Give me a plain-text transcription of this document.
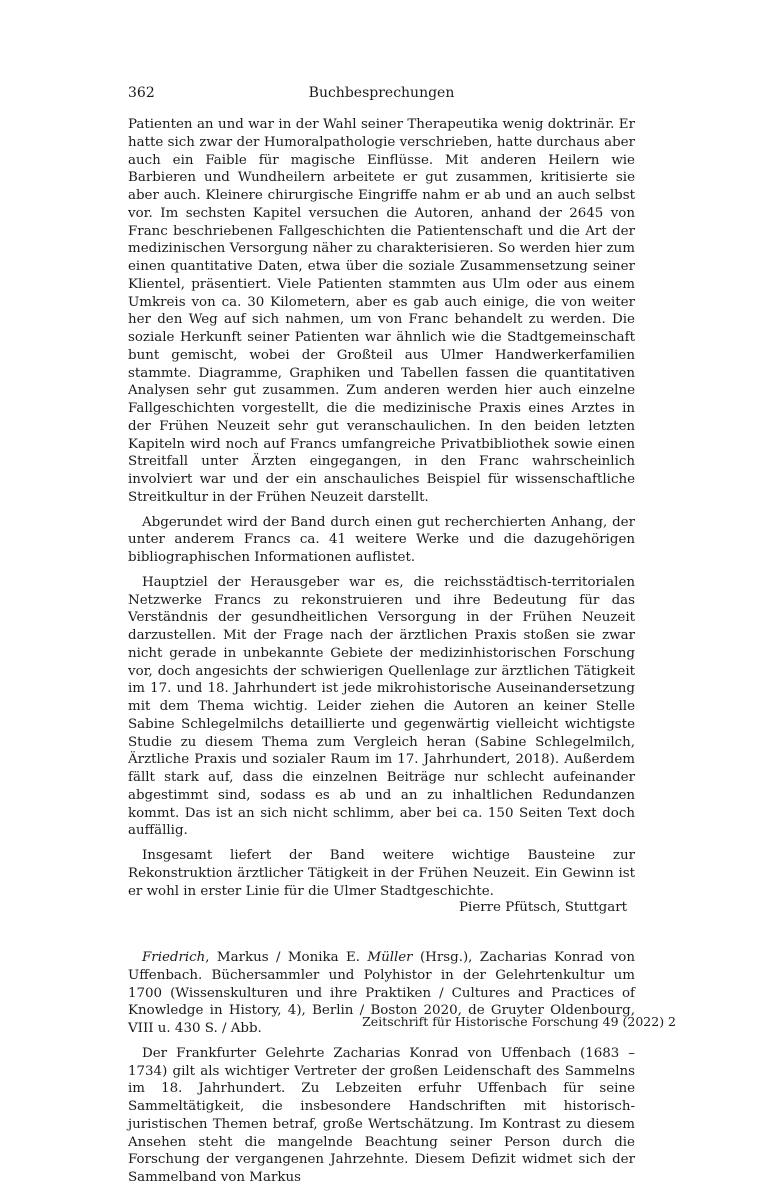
362	Buchbesprechungen

Patienten an und war in der Wahl seiner Therapeutika wenig doktrinär. Er hatte sich zwar der Humoralpathologie verschrieben, hatte durchaus aber auch ein Faible für magische Einflüsse. Mit anderen Heilern wie Barbieren und Wundheilern arbeitete er gut zusammen, kritisierte sie aber auch. Kleinere chirurgische Eingriffe nahm er ab und an auch selbst vor. Im sechsten Kapitel versuchen die Autoren, anhand der 2645 von Franc beschriebenen Fallgeschichten die Patientenschaft und die Art der medizinischen Versorgung näher zu charakterisieren. So werden hier zum einen quantitative Daten, etwa über die soziale Zusammensetzung seiner Klientel, präsentiert. Viele Patienten stammten aus Ulm oder aus einem Umkreis von ca. 30 Kilometern, aber es gab auch einige, die von weiter her den Weg auf sich nahmen, um von Franc behandelt zu werden. Die soziale Herkunft seiner Patienten war ähnlich wie die Stadtgemeinschaft bunt gemischt, wobei der Großteil aus Ulmer Handwerkerfamilien stammte. Diagramme, Graphiken und Tabellen fassen die quantitativen Analysen sehr gut zusammen. Zum anderen werden hier auch einzelne Fallgeschichten vorgestellt, die die medizinische Praxis eines Arztes in der Frühen Neuzeit sehr gut veranschaulichen. In den beiden letzten Kapiteln wird noch auf Francs umfangreiche Privatbibliothek sowie einen Streitfall unter Ärzten eingegangen, in den Franc wahrscheinlich involviert war und der ein anschauliches Beispiel für wissenschaftliche Streitkultur in der Frühen Neuzeit darstellt.

Abgerundet wird der Band durch einen gut recherchierten Anhang, der unter anderem Francs ca. 41 weitere Werke und die dazugehörigen bibliographischen Informationen auflistet.

Hauptziel der Herausgeber war es, die reichsstädtisch-territorialen Netzwerke Francs zu rekonstruieren und ihre Bedeutung für das Verständnis der gesundheitlichen Versorgung in der Frühen Neuzeit darzustellen. Mit der Frage nach der ärztlichen Praxis stoßen sie zwar nicht gerade in unbekannte Gebiete der medizinhistorischen Forschung vor, doch angesichts der schwierigen Quellenlage zur ärztlichen Tätigkeit im 17. und 18. Jahrhundert ist jede mikrohistorische Auseinandersetzung mit dem Thema wichtig. Leider ziehen die Autoren an keiner Stelle Sabine Schlegelmilchs detaillierte und gegenwärtig vielleicht wichtigste Studie zu diesem Thema zum Vergleich heran (Sabine Schlegelmilch, Ärztliche Praxis und sozialer Raum im 17. Jahrhundert, 2018). Außerdem fällt stark auf, dass die einzelnen Beiträge nur schlecht aufeinander abgestimmt sind, sodass es ab und an zu inhaltlichen Redundanzen kommt. Das ist an sich nicht schlimm, aber bei ca. 150 Seiten Text doch auffällig.

Insgesamt liefert der Band weitere wichtige Bausteine zur Rekonstruktion ärztlicher Tätigkeit in der Frühen Neuzeit. Ein Gewinn ist er wohl in erster Linie für die Ulmer Stadtgeschichte.

Pierre Pfütsch, Stuttgart

Friedrich, Markus / Monika E. Müller (Hrsg.), Zacharias Konrad von Uffenbach. Büchersammler und Polyhistor in der Gelehrtenkultur um 1700 (Wissenskulturen und ihre Praktiken / Cultures and Practices of Knowledge in History, 4), Berlin / Boston 2020, de Gruyter Oldenbourg, VIII u. 430 S. / Abb.

Der Frankfurter Gelehrte Zacharias Konrad von Uffenbach (1683 – 1734) gilt als wichtiger Vertreter der großen Leidenschaft des Sammelns im 18. Jahrhundert. Zu Lebzeiten erfuhr Uffenbach für seine Sammeltätigkeit, die insbesondere Handschriften mit historisch-juristischen Themen betraf, große Wertschätzung. Im Kontrast zu diesem Ansehen steht die mangelnde Beachtung seiner Person durch die Forschung der vergangenen Jahrzehnte. Diesem Defizit widmet sich der Sammelband von Markus

Zeitschrift für Historische Forschung 49 (2022) 2
